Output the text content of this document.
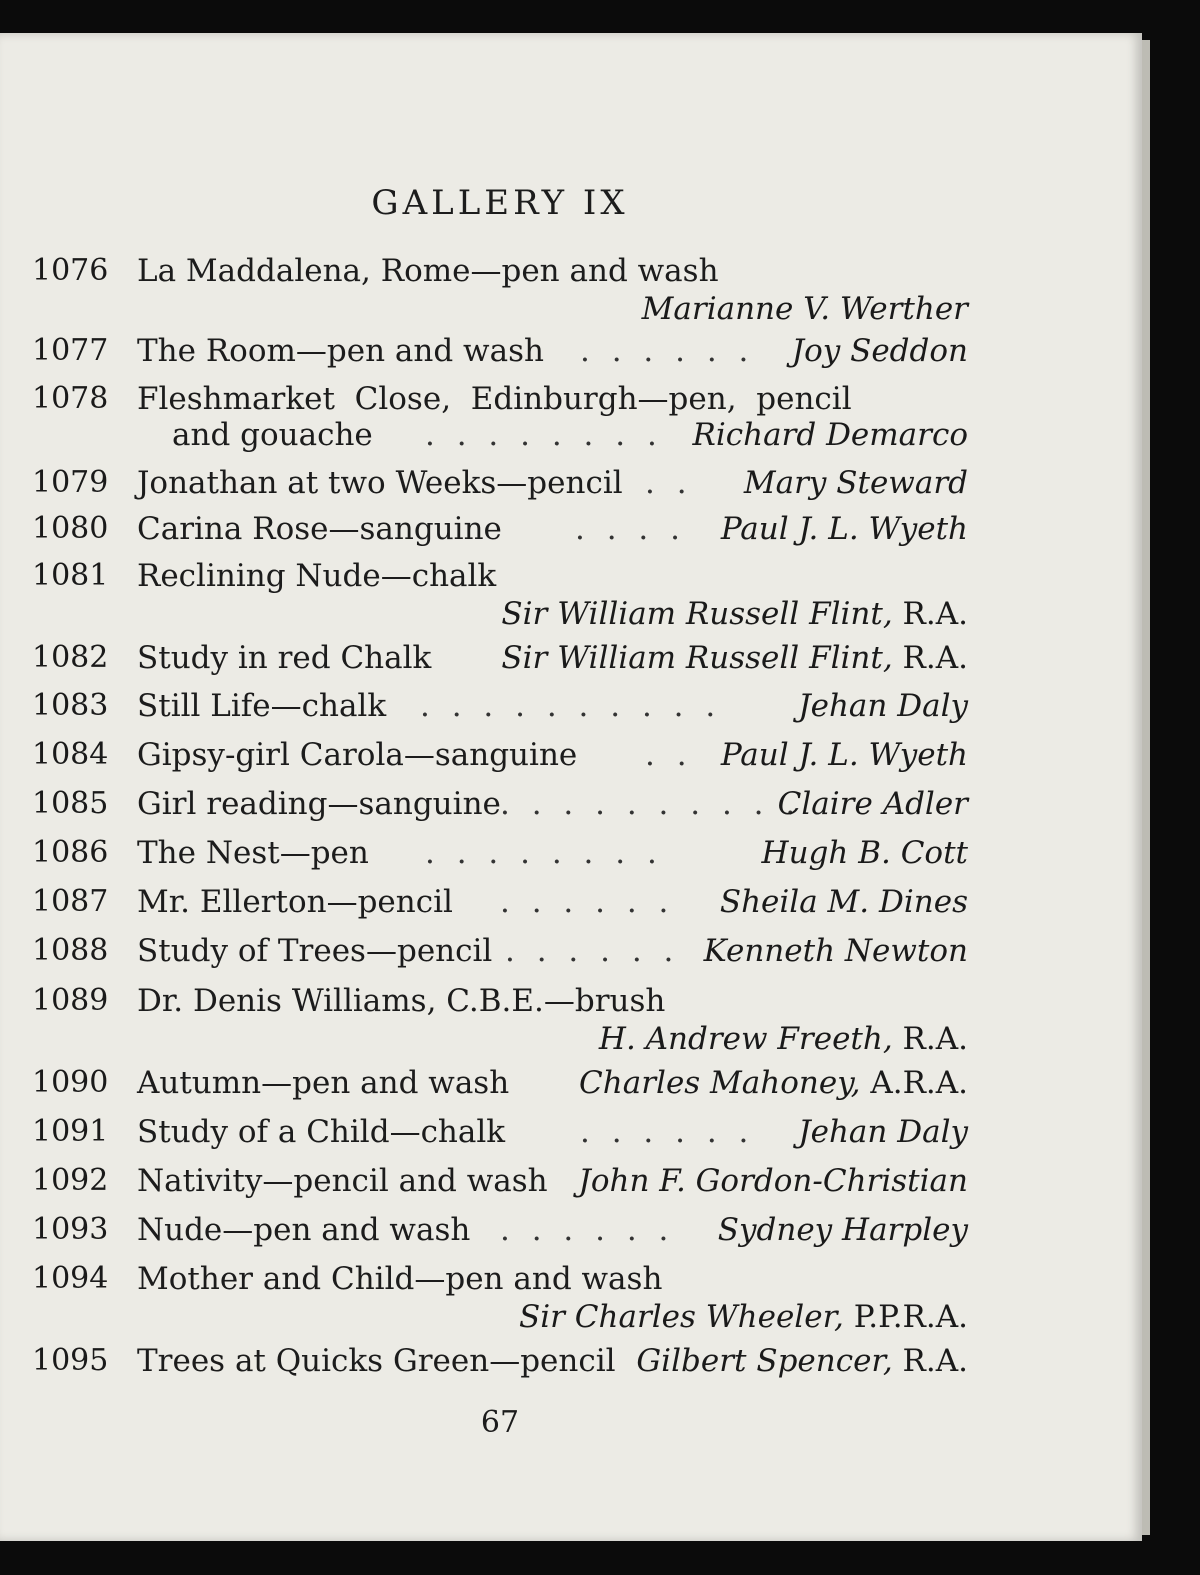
GALLERY IX
1076 La Maddalena, Rome—pen and wash
Marianne V. Werther
1077 The Room—pen and wash . . . . . . Joy Seddon
1078 Fleshmarket  Close,  Edinburgh—pen,  pencil
and gouache . . . . . . . . Richard Demarco
1079 Jonathan at two Weeks—pencil . . Mary Steward
1080 Carina Rose—sanguine . . . . Paul J. L. Wyeth
1081 Reclining Nude—chalk
Sir William Russell Flint, R.A.
1082 Study in red Chalk Sir William Russell Flint, R.A.
1083 Still Life—chalk . . . . . . . . . . Jehan Daly
1084 Gipsy-girl Carola—sanguine . . Paul J. L. Wyeth
1085 Girl reading—sanguine . . . . . . . . . .
Claire Adler
1086 The Nest—pen . . . . . . . .	Hugh B. Cott
1087 Mr. Ellerton—pencil . . . . . . Sheila M. Dines
1088 Study of Trees—pencil . . . . . . Kenneth Newton
1089 Dr. Denis Williams, C.B.E.—brush
H. Andrew Freeth, R.A.
1090 Autumn—pen and wash Charles Mahoney, A.R.A.
1091 Study of a Child—chalk . . . . . . Jehan Daly
1092 Nativity—pencil and wash John F. Gordon-Christian
1093 Nude—pen and wash . . . . . . Sydney Harpley
1094 Mother and Child—pen and wash
Sir Charles Wheeler, P.P.R.A.
1095 Trees at Quicks Green—pencil Gilbert Spencer, R.A.
67
